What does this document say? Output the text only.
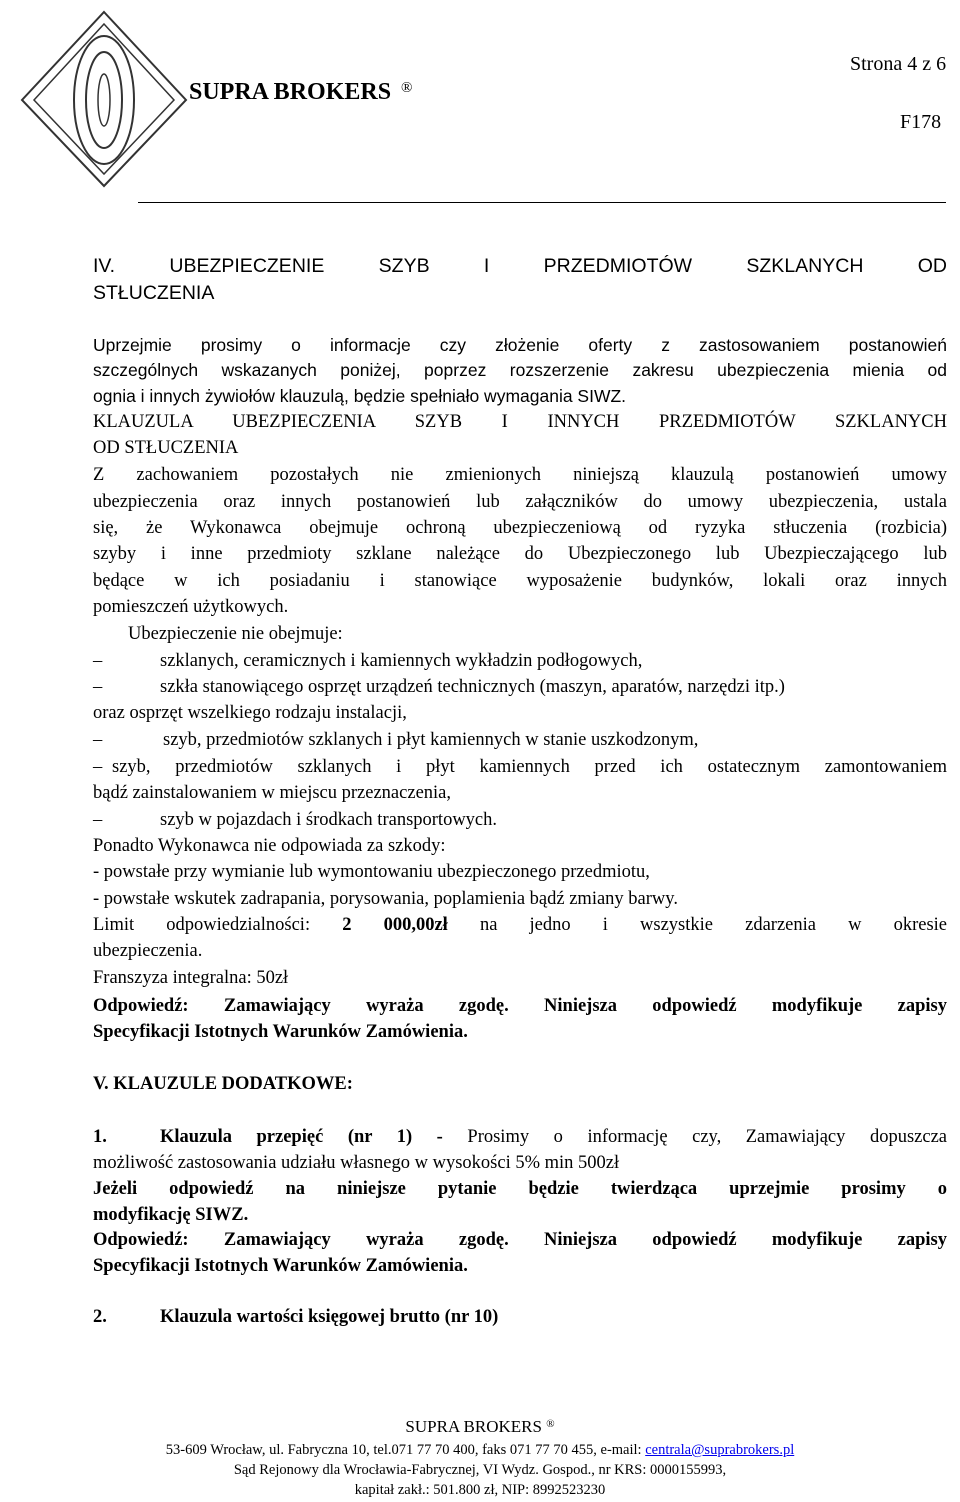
Strona 4 z 6
SUPRA BROKERS ®
F178
IV. UBEZPIECZENIE SZYB I PRZEDMIOTÓW SZKLANYCH OD
STŁUCZENIA
Uprzejmie prosimy o informacje czy złożenie oferty z zastosowaniem postanowień
szczególnych wskazanych poniżej, poprzez rozszerzenie zakresu ubezpieczenia mienia od
ognia i innych żywiołów klauzulą, będzie spełniało wymagania SIWZ.
KLAUZULA UBEZPIECZENIA SZYB I INNYCH PRZEDMIOTÓW SZKLANYCH
OD STŁUCZENIA
Z zachowaniem pozostałych nie zmienionych niniejszą klauzulą postanowień umowy
ubezpieczenia oraz innych postanowień lub załączników do umowy ubezpieczenia, ustala
się, że Wykonawca obejmuje ochroną ubezpieczeniową od ryzyka stłuczenia (rozbicia)
szyby i inne przedmioty szklane należące do Ubezpieczonego lub Ubezpieczającego lub
będące w ich posiadaniu i stanowiące wyposażenie budynków, lokali oraz innych
pomieszczeń użytkowych.
Ubezpieczenie nie obejmuje:
–	szklanych, ceramicznych i kamiennych wykładzin podłogowych,
–	szkła stanowiącego osprzęt urządzeń technicznych (maszyn, aparatów, narzędzi itp.)
oraz osprzęt wszelkiego rodzaju instalacji,
–	szyb, przedmiotów szklanych i płyt kamiennych w stanie uszkodzonym,
– szyb, przedmiotów szklanych i płyt kamiennych przed ich ostatecznym zamontowaniem
bądź zainstalowaniem w miejscu przeznaczenia,
–	szyb w pojazdach i środkach transportowych.
Ponadto Wykonawca nie odpowiada za szkody:
- powstałe przy wymianie lub wymontowaniu ubezpieczonego przedmiotu,
- powstałe wskutek zadrapania, porysowania, poplamienia bądź zmiany barwy.
Limit odpowiedzialności: 2 000,00zł na jedno i wszystkie zdarzenia w okresie
ubezpieczenia.
Franszyza integralna: 50zł
Odpowiedź: Zamawiający wyraża zgodę. Niniejsza odpowiedź modyfikuje zapisy
Specyfikacji Istotnych Warunków Zamówienia.
V. KLAUZULE DODATKOWE:
1.	Klauzula przepięć (nr 1) - Prosimy o informację czy, Zamawiający dopuszcza
możliwość zastosowania udziału własnego w wysokości 5% min 500zł
Jeżeli odpowiedź na niniejsze pytanie będzie twierdząca uprzejmie prosimy o
modyfikację SIWZ.
Odpowiedź: Zamawiający wyraża zgodę. Niniejsza odpowiedź modyfikuje zapisy
Specyfikacji Istotnych Warunków Zamówienia.
2.	Klauzula wartości księgowej brutto (nr 10)
SUPRA BROKERS ®
53-609 Wrocław, ul. Fabryczna 10, tel.071 77 70 400, faks 071 77 70 455, e-mail: centrala@suprabrokers.pl
Sąd Rejonowy dla Wrocławia-Fabrycznej, VI Wydz. Gospod., nr KRS: 0000155993,
kapitał zakł.: 501.800 zł, NIP: 8992523230
